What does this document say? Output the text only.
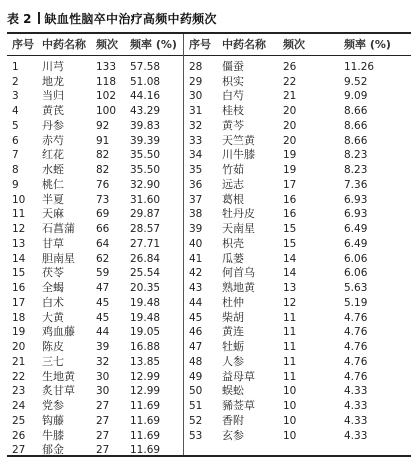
表 2 缺血性脑卒中治疗高频中药频次
序号 中药名称 频次 频率 (%) 序号 中药名称 频次	频率 (%)
1 川芎	133 57.58
2 地龙	118 51.08
3 当归	102 44.16
4 黄芪	100 43.29
5 丹参	92 39.83
6 赤芍	91 39.39
7 红花	82 35.50
8 水蛭	82 35.50
9 桃仁	76 32.90
10 半夏	73 31.60
11 天麻	69 29.87
12 石菖蒲 66 28.57
13 甘草	64 27.71
14 胆南星 62 26.84
15 茯苓	59 25.54
16 全蝎	47 20.35
17 白术	45 19.48
18 大黄	45 19.48
19 鸡血藤 44 19.05
20 陈皮	39 16.88
21 三七	32 13.85
22 生地黄 30 12.99
23 炙甘草 30 12.99
24 党参	27 11.69
25 钩藤	27 11.69
26 牛膝	27 11.69
27 郁金	27 11.69
28 僵蚕	26	11.26
29 枳实	22	9.52
30 白芍	21	9.09
31 桂枝	20	8.66
32 黄芩	20	8.66
33 天竺黄	20	8.66
34 川牛膝	19	8.23
35 竹茹	19	8.23
36 远志	17	7.36
37 葛根	16	6.93
38 牡丹皮	16	6.93
39 天南星	15	6.49
40 枳壳	15	6.49
41 瓜蒌	14	6.06
42 何首乌	14	6.06
43 熟地黄	13	5.63
44 杜仲	12	5.19
45 柴胡	11	4.76
46 黄连	11	4.76
47 牡蛎	11	4.76
48 人参	11	4.76
49 益母草	11	4.76
50 蜈蚣	10	4.33
51 豨莶草	10	4.33
52 香附	10	4.33
53 玄参	10	4.33
